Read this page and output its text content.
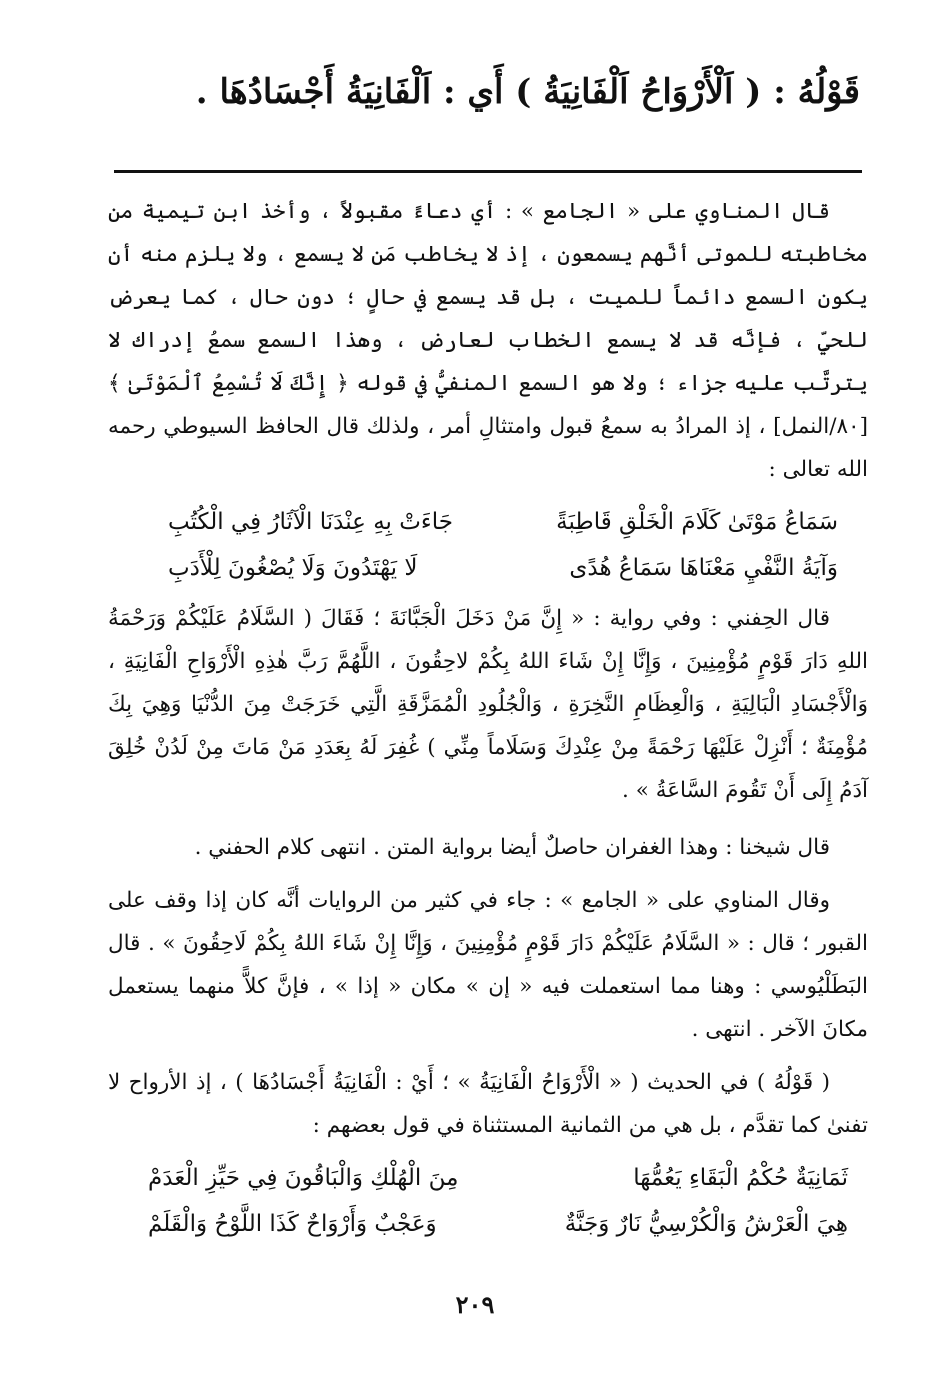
قَوْلُهُ : ( اَلْأَرْوَاحُ اَلْفَانِيَةُ ) أَي : اَلْفَانِيَةُ أَجْسَادُهَا .

قال المناوي على « الجامع » : أي دعاءً مقبولاً ، وأخذ ابن تيمية من مخاطبته للموتى أنَّهم يسمعون ، إذ لا يخاطب مَن لا يسمع ، ولا يلزم منه أن يكون السمع دائماً للميت ، بل قد يسمع في حالٍ ؛ دون حال ، كما يعرض للحيِّ ، فإنَّه قد لا يسمع الخطاب لعارض ، وهذا السمع سمعُ إدراك لا يترتَّب عليه جزاء ؛ ولا هو السمع المنفيُّ في قوله ﴿ إِنَّكَ لَا تُسْمِعُ ٱلْمَوْتَىٰ ﴾ [٨٠/النمل] ، إذ المرادُ به سمعُ قبول وامتثالِ أمر ، ولذلك قال الحافظ السيوطي رحمه الله تعالى :

سَمَاعُ مَوْتَىٰ كَلَامَ الْخَلْقِ قَاطِبَةً
جَاءَتْ بِهِ عِنْدَنَا الْآثَارُ فِي الْكُتُبِ
وَآيَةُ النَّفْيِ مَعْنَاهَا سَمَاعُ هُدًى
لَا يَهْتَدُونَ وَلَا يُصْغُونَ لِلْأَدَبِ

قال الحِفني : وفي رواية : « إِنَّ مَنْ دَخَلَ الْجَبَّانَةَ ؛ فَقَالَ ( السَّلَامُ عَلَيْكُمْ وَرَحْمَةُ اللهِ دَارَ قَوْمٍ مُؤْمِنِينَ ، وَإِنَّا إِنْ شَاءَ اللهُ بِكُمْ لاحِقُونَ ، اللَّهُمَّ رَبَّ هٰذِهِ الْأَرْوَاحِ الْفَانِيَةِ ، وَالْأَجْسَادِ الْبَالِيَةِ ، وَالْعِظَامِ النَّخِرَةِ ، وَالْجُلُودِ الْمُمَزَّقَةِ الَّتِي خَرَجَتْ مِنَ الدُّنْيَا وَهِيَ بِكَ مُؤْمِنَةٌ ؛ أَنْزِلْ عَلَيْهَا رَحْمَةً مِنْ عِنْدِكَ وَسَلَاماً مِنِّي ) غُفِرَ لَهُ بِعَدَدِ مَنْ مَاتَ مِنْ لَدُنْ خُلِقَ آدَمُ إِلَى أَنْ تَقُومَ السَّاعَةُ » .

قال شيخنا : وهذا الغفران حاصلٌ أيضا برواية المتن . انتهى كلام الحفني .

وقال المناوي على « الجامع » : جاء في كثير من الروايات أنَّه كان إذا وقف على القبور ؛ قال : « السَّلَامُ عَلَيْكُمْ دَارَ قَوْمٍ مُؤْمِنِينَ ، وَإِنَّا إِنْ شَاءَ اللهُ بِكُمْ لَاحِقُونَ » . قال البَطَلْيُوسي : وهنا مما استعملت فيه « إن » مكان « إذا » ، فإنَّ كلاًّ منهما يستعمل مكانَ الآخر . انتهى .

( قَوْلُهُ ) في الحديث ( « الْأَرْوَاحُ الْفَانِيَةُ » ؛ أَيْ : الْفَانِيَةُ أَجْسَادُهَا ) ، إذ الأرواح لا تفنىٰ كما تقدَّم ، بل هي من الثمانية المستثناة في قول بعضهم :

ثَمَانِيَةٌ حُكْمُ الْبَقَاءِ يَعُمُّهَا
مِنَ الْهُلْكِ وَالْبَاقُونَ فِي حَيِّزِ الْعَدَمْ
هِيَ الْعَرْشُ وَالْكُرْسِيُّ نَارٌ وَجَنَّةٌ
وَعَجْبٌ وَأَرْوَاحٌ كَذَا اللَّوْحُ وَالْقَلَمْ
٢٠٩
